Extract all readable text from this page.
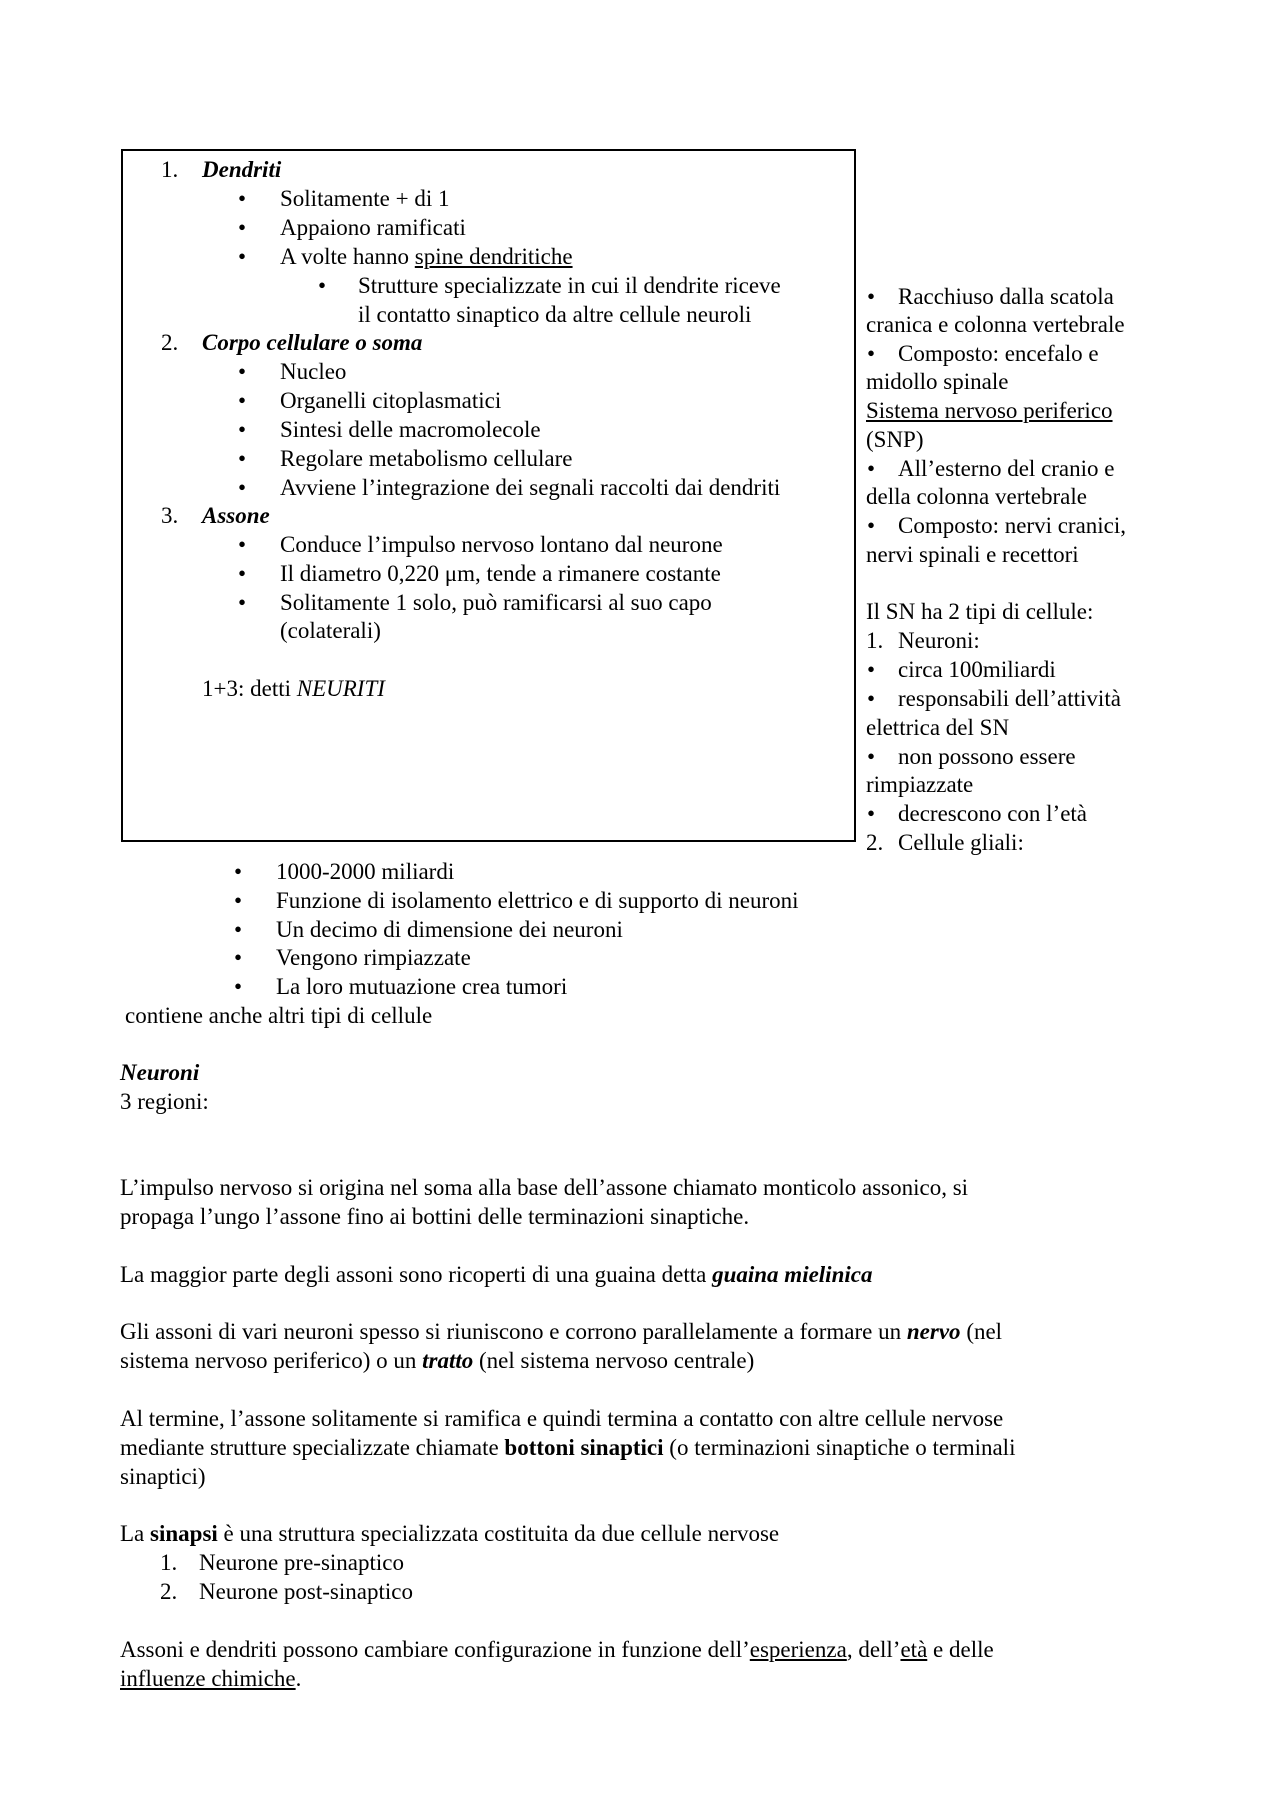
1. Dendriti
• Solitamente + di 1
• Appaiono ramificati
• A volte hanno spine dendritiche
• Strutture specializzate in cui il dendrite riceve
il contatto sinaptico da altre cellule neuroli
2. Corpo cellulare o soma
• Nucleo
• Organelli citoplasmatici
• Sintesi delle macromolecole
• Regolare metabolismo cellulare
• Avviene l’integrazione dei segnali raccolti dai dendriti
3. Assone
• Conduce l’impulso nervoso lontano dal neurone
• Il diametro 0,220 μm, tende a rimanere costante
• Solitamente 1 solo, può ramificarsi al suo capo
(colaterali)
1+3: detti NEURITI
• Racchiuso dalla scatola
cranica e colonna vertebrale
• Composto: encefalo e
midollo spinale
Sistema nervoso periferico
(SNP)
• All’esterno del cranio e
della colonna vertebrale
• Composto: nervi cranici,
nervi spinali e recettori
Il SN ha 2 tipi di cellule:
1. Neuroni:
• circa 100miliardi
• responsabili dell’attività
elettrica del SN
• non possono essere
rimpiazzate
• decrescono con l’età
2. Cellule gliali:
• 1000-2000 miliardi
• Funzione di isolamento elettrico e di supporto di neuroni
• Un decimo di dimensione dei neuroni
• Vengono rimpiazzate
• La loro mutuazione crea tumori
contiene anche altri tipi di cellule
Neuroni
3 regioni:
L’impulso nervoso si origina nel soma alla base dell’assone chiamato monticolo assonico, si
propaga l’ungo l’assone fino ai bottini delle terminazioni sinaptiche.
La maggior parte degli assoni sono ricoperti di una guaina detta guaina mielinica
Gli assoni di vari neuroni spesso si riuniscono e corrono parallelamente a formare un nervo (nel
sistema nervoso periferico) o un tratto (nel sistema nervoso centrale)
Al termine, l’assone solitamente si ramifica e quindi termina a contatto con altre cellule nervose
mediante strutture specializzate chiamate bottoni sinaptici (o terminazioni sinaptiche o terminali
sinaptici)
La sinapsi è una struttura specializzata costituita da due cellule nervose
1. Neurone pre-sinaptico
2. Neurone post-sinaptico
Assoni e dendriti possono cambiare configurazione in funzione dell’esperienza, dell’età e delle
influenze chimiche.
